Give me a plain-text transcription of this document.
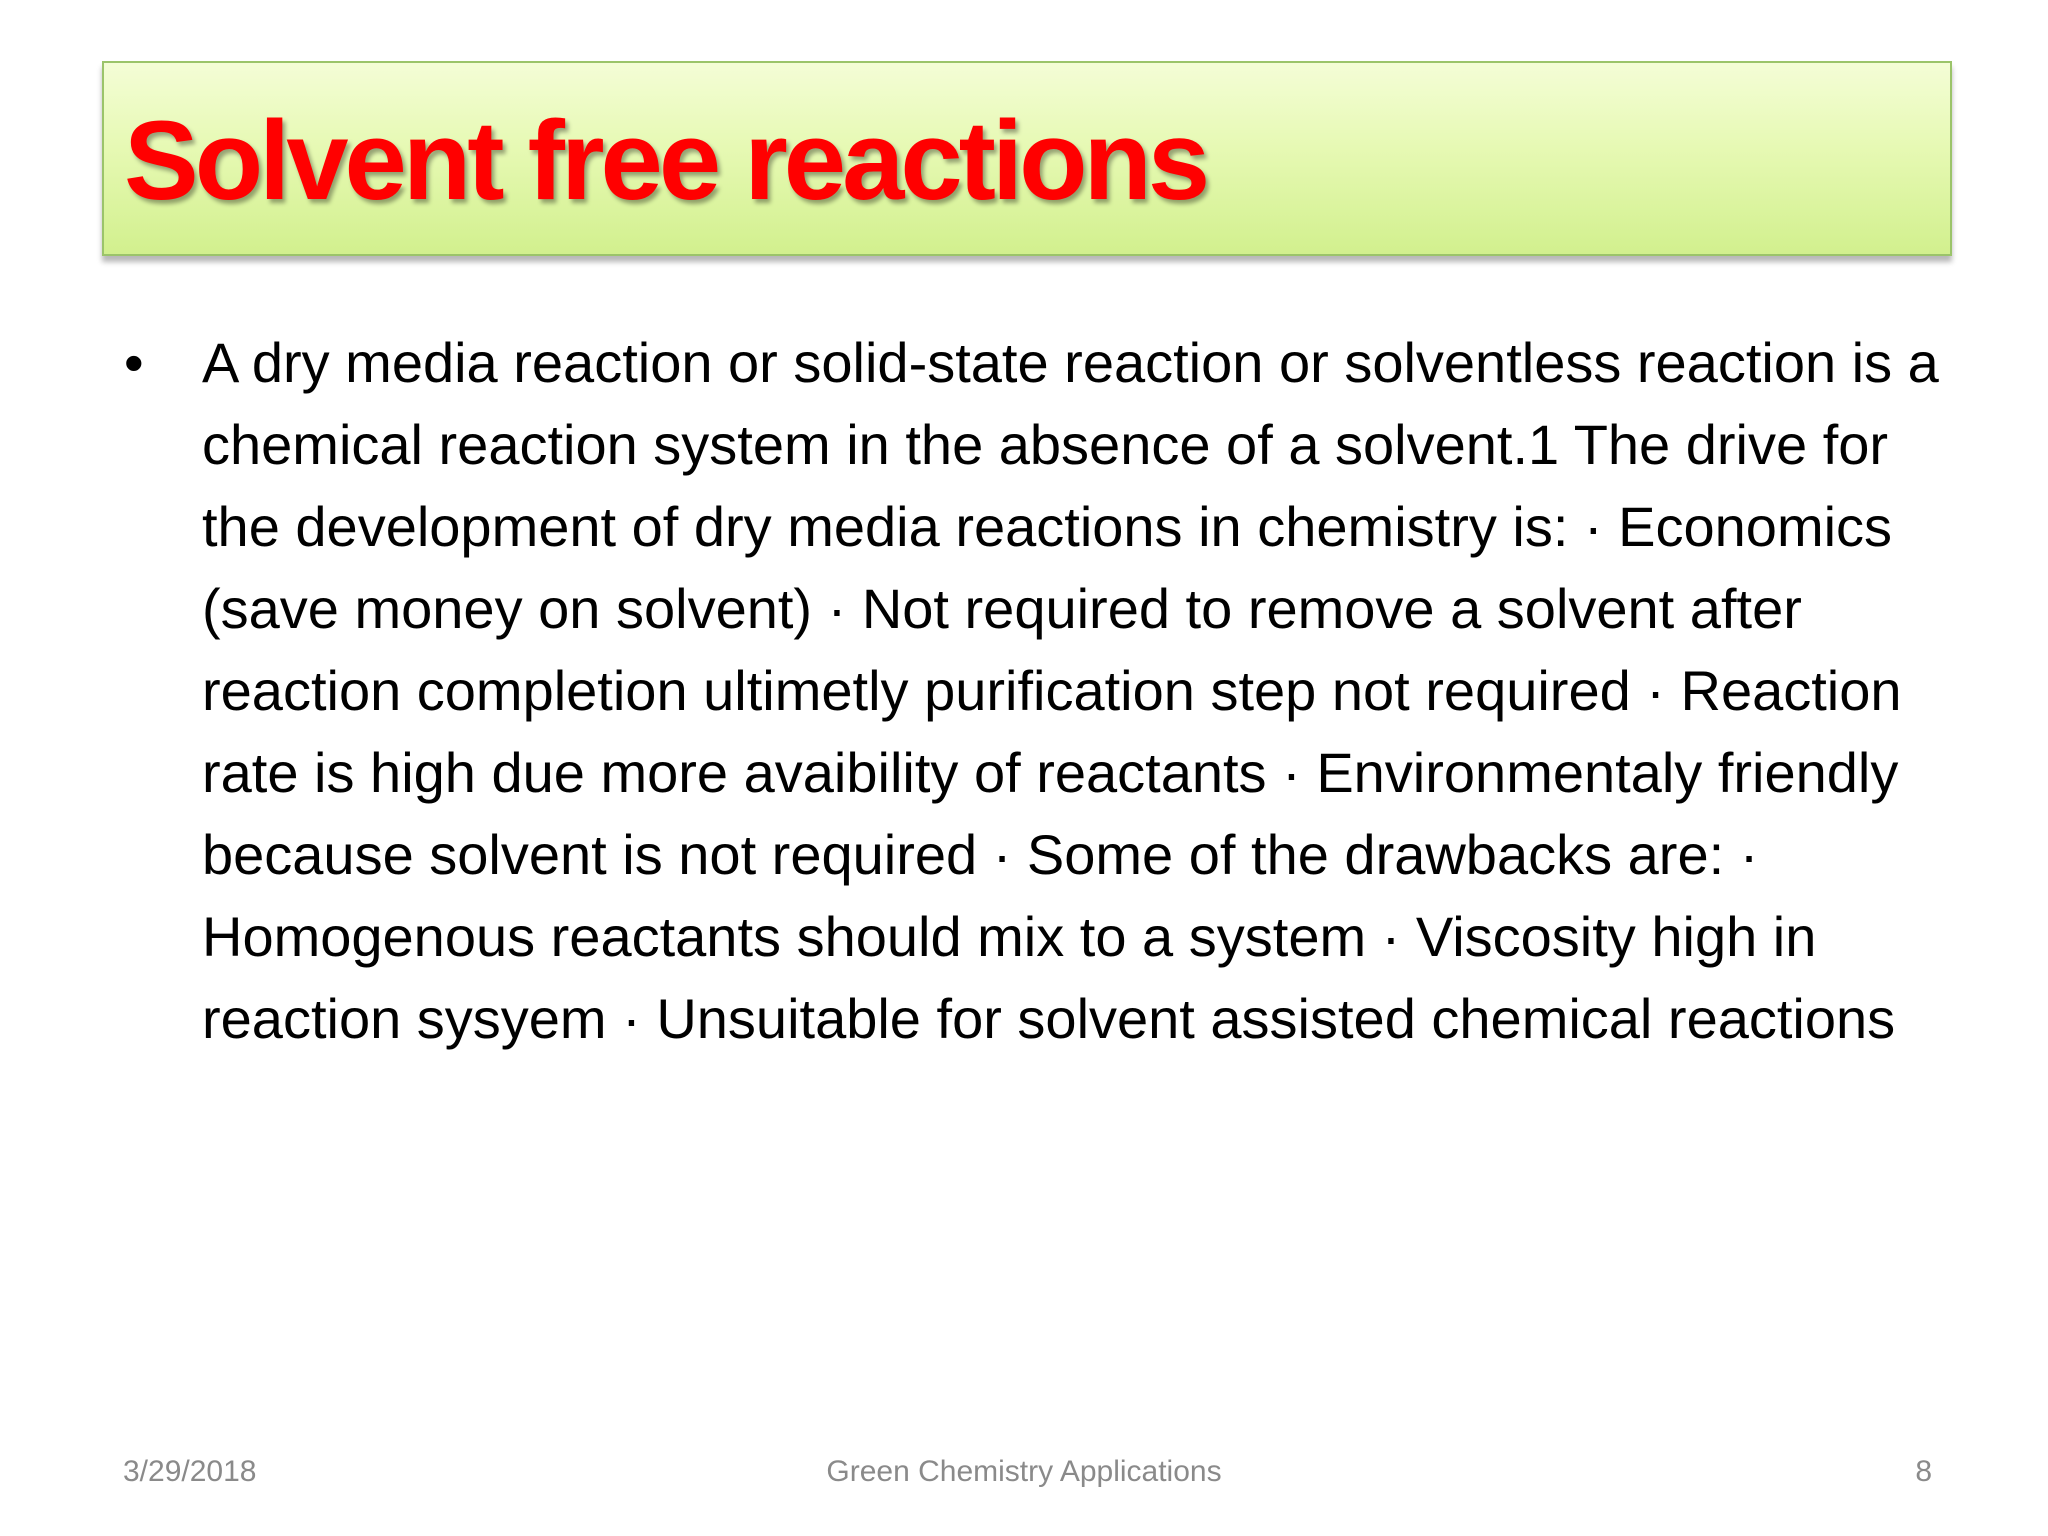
Solvent free reactions
• A dry media reaction or solid-state reaction or solventless reaction is a chemical reaction system in the absence of a solvent.1 The drive for the development of dry media reactions in chemistry is: · Economics (save money on solvent) · Not required to remove a solvent after reaction completion ultimetly purification step not required · Reaction rate is high due more avaibility of reactants · Environmentaly friendly because solvent is not required · Some of the drawbacks are: · Homogenous reactants should mix to a system · Viscosity high in reaction sysyem · Unsuitable for solvent assisted chemical reactions
3/29/2018	Green Chemistry Applications	8
